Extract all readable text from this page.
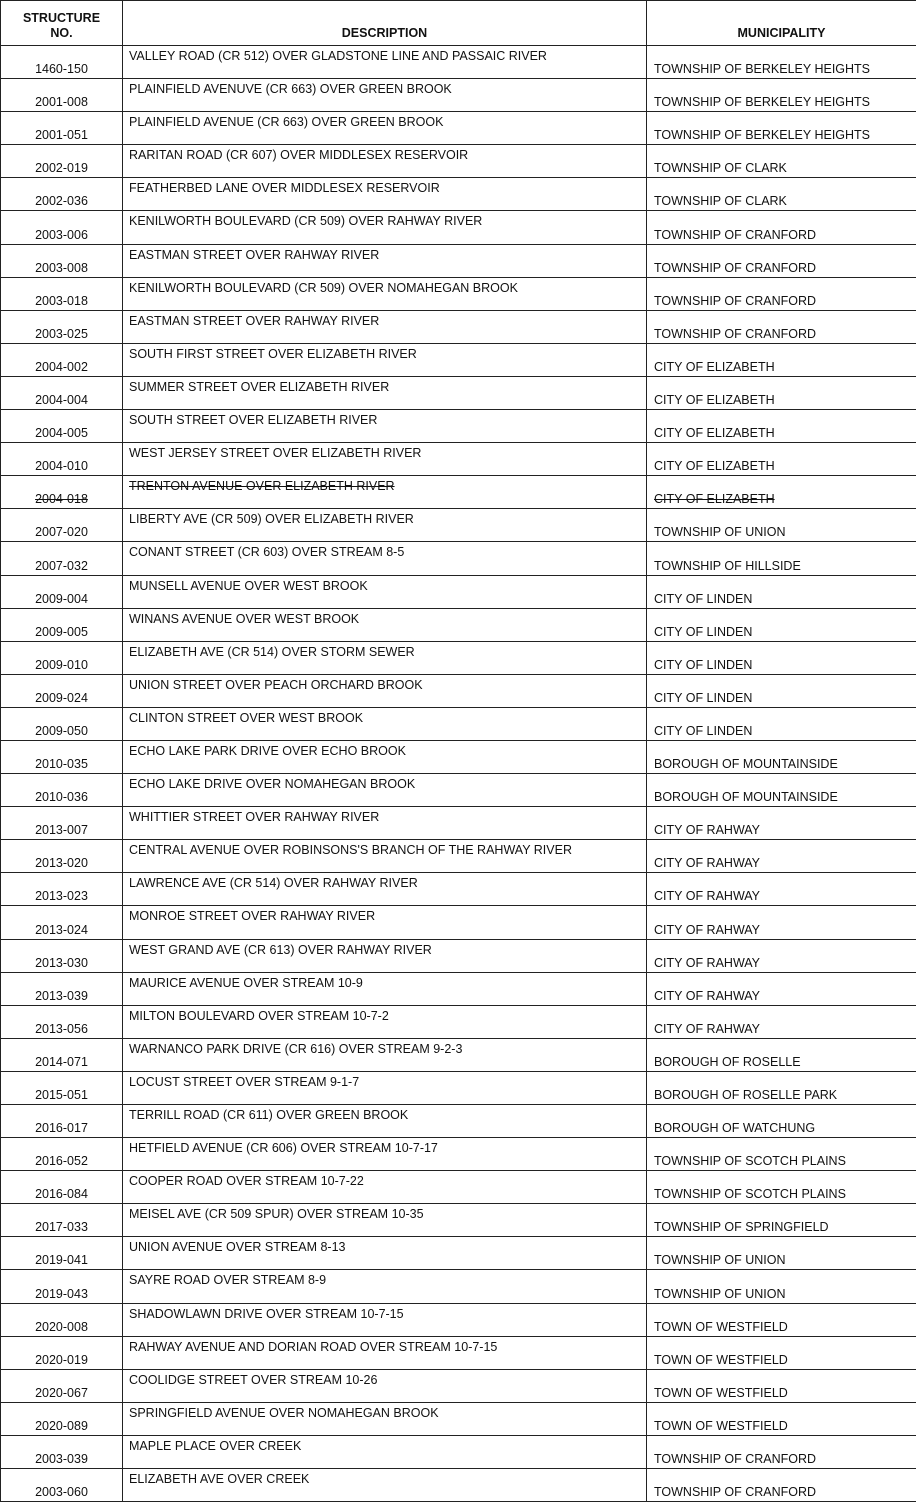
STRUCTURE
NO.	DESCRIPTION	MUNICIPALITY
1460-150	VALLEY ROAD (CR 512) OVER GLADSTONE LINE AND PASSAIC RIVER	TOWNSHIP OF BERKELEY HEIGHTS
2001-008	PLAINFIELD AVENUVE (CR 663) OVER GREEN BROOK	TOWNSHIP OF BERKELEY HEIGHTS
2001-051	PLAINFIELD AVENUE (CR 663) OVER GREEN BROOK	TOWNSHIP OF BERKELEY HEIGHTS
2002-019	RARITAN ROAD (CR 607) OVER MIDDLESEX RESERVOIR	TOWNSHIP OF CLARK
2002-036	FEATHERBED LANE OVER MIDDLESEX RESERVOIR	TOWNSHIP OF CLARK
2003-006	KENILWORTH BOULEVARD (CR 509) OVER RAHWAY RIVER	TOWNSHIP OF CRANFORD
2003-008	EASTMAN STREET OVER RAHWAY RIVER	TOWNSHIP OF CRANFORD
2003-018	KENILWORTH BOULEVARD (CR 509) OVER NOMAHEGAN BROOK	TOWNSHIP OF CRANFORD
2003-025	EASTMAN STREET OVER RAHWAY RIVER	TOWNSHIP OF CRANFORD
2004-002	SOUTH FIRST STREET OVER ELIZABETH RIVER	CITY OF ELIZABETH
2004-004	SUMMER STREET OVER ELIZABETH RIVER	CITY OF ELIZABETH
2004-005	SOUTH STREET OVER ELIZABETH RIVER	CITY OF ELIZABETH
2004-010	WEST JERSEY STREET OVER ELIZABETH RIVER	CITY OF ELIZABETH
2004-018	TRENTON AVENUE OVER ELIZABETH RIVER	CITY OF ELIZABETH
2007-020	LIBERTY AVE (CR 509) OVER ELIZABETH RIVER	TOWNSHIP OF UNION
2007-032	CONANT STREET (CR 603) OVER STREAM 8-5	TOWNSHIP OF HILLSIDE
2009-004	MUNSELL AVENUE OVER WEST BROOK	CITY OF LINDEN
2009-005	WINANS AVENUE OVER WEST BROOK	CITY OF LINDEN
2009-010	ELIZABETH AVE (CR 514) OVER STORM SEWER	CITY OF LINDEN
2009-024	UNION STREET OVER PEACH ORCHARD BROOK	CITY OF LINDEN
2009-050	CLINTON STREET OVER WEST BROOK	CITY OF LINDEN
2010-035	ECHO LAKE PARK DRIVE OVER ECHO BROOK	BOROUGH OF MOUNTAINSIDE
2010-036	ECHO LAKE DRIVE OVER NOMAHEGAN BROOK	BOROUGH OF MOUNTAINSIDE
2013-007	WHITTIER STREET OVER RAHWAY RIVER	CITY OF RAHWAY
2013-020	CENTRAL AVENUE OVER ROBINSONS'S BRANCH OF THE RAHWAY RIVER	CITY OF RAHWAY
2013-023	LAWRENCE AVE (CR 514) OVER RAHWAY RIVER	CITY OF RAHWAY
2013-024	MONROE STREET OVER RAHWAY RIVER	CITY OF RAHWAY
2013-030	WEST GRAND AVE (CR 613) OVER RAHWAY RIVER	CITY OF RAHWAY
2013-039	MAURICE AVENUE OVER STREAM 10-9	CITY OF RAHWAY
2013-056	MILTON BOULEVARD OVER STREAM 10-7-2	CITY OF RAHWAY
2014-071	WARNANCO PARK DRIVE (CR 616) OVER STREAM 9-2-3	BOROUGH OF ROSELLE
2015-051	LOCUST STREET OVER STREAM 9-1-7	BOROUGH OF ROSELLE PARK
2016-017	TERRILL ROAD (CR 611) OVER GREEN BROOK	BOROUGH OF WATCHUNG
2016-052	HETFIELD AVENUE (CR 606) OVER STREAM 10-7-17	TOWNSHIP OF SCOTCH PLAINS
2016-084	COOPER ROAD OVER STREAM 10-7-22	TOWNSHIP OF SCOTCH PLAINS
2017-033	MEISEL AVE (CR 509 SPUR) OVER STREAM 10-35	TOWNSHIP OF SPRINGFIELD
2019-041	UNION AVENUE OVER STREAM 8-13	TOWNSHIP OF UNION
2019-043	SAYRE ROAD OVER STREAM 8-9	TOWNSHIP OF UNION
2020-008	SHADOWLAWN DRIVE OVER STREAM 10-7-15	TOWN OF WESTFIELD
2020-019	RAHWAY AVENUE AND DORIAN ROAD OVER STREAM 10-7-15	TOWN OF WESTFIELD
2020-067	COOLIDGE STREET OVER STREAM 10-26	TOWN OF WESTFIELD
2020-089	SPRINGFIELD AVENUE OVER NOMAHEGAN BROOK	TOWN OF WESTFIELD
2003-039	MAPLE PLACE OVER CREEK	TOWNSHIP OF CRANFORD
2003-060	ELIZABETH AVE OVER CREEK	TOWNSHIP OF CRANFORD
